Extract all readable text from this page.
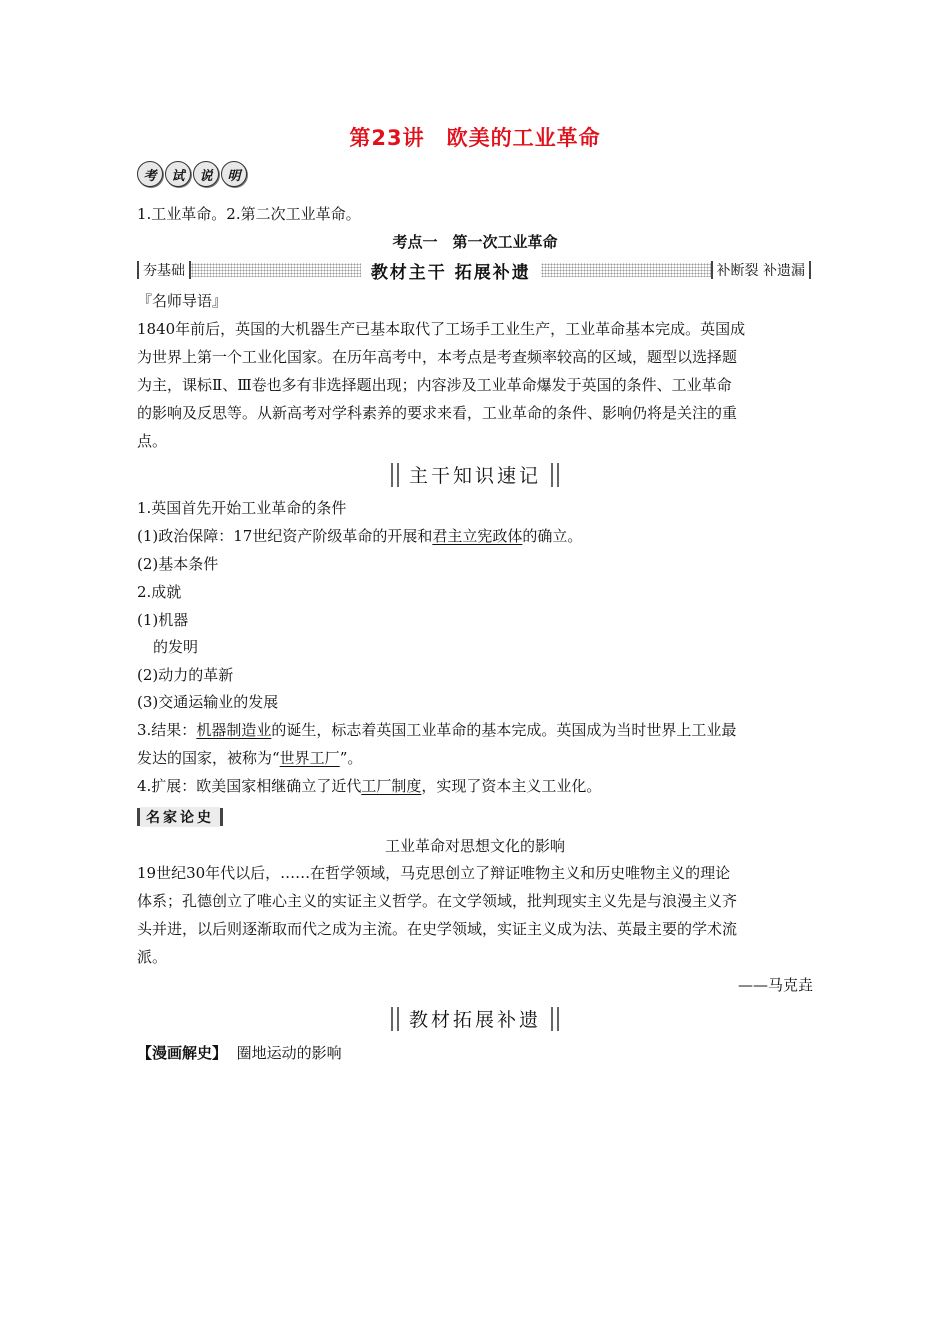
第23讲　欧美的工业革命
考	试	说	明
1.工业革命。2.第二次工业革命。
考点一　第一次工业革命
夯基础	教材主干 拓展补遗	补断裂 补遗漏
『名师导语』
1840年前后，英国的大机器生产已基本取代了工场手工业生产，工业革命基本完成。英国成
为世界上第一个工业化国家。在历年高考中，本考点是考查频率较高的区域，题型以选择题
为主，课标Ⅱ、Ⅲ卷也多有非选择题出现；内容涉及工业革命爆发于英国的条件、工业革命
的影响及反思等。从新高考对学科素养的要求来看，工业革命的条件、影响仍将是关注的重
点。
主干知识速记
1.英国首先开始工业革命的条件
(1)政治保障：17世纪资产阶级革命的开展和君主立宪政体的确立。
(2)基本条件
2.成就
(1)机器
的发明
(2)动力的革新
(3)交通运输业的发展
3.结果：机器制造业的诞生，标志着英国工业革命的基本完成。英国成为当时世界上工业最
发达的国家，被称为“世界工厂”。
4.扩展：欧美国家相继确立了近代工厂制度，实现了资本主义工业化。
名家论史
工业革命对思想文化的影响
19世纪30年代以后，……在哲学领域，马克思创立了辩证唯物主义和历史唯物主义的理论
体系；孔德创立了唯心主义的实证主义哲学。在文学领域，批判现实主义先是与浪漫主义齐
头并进，以后则逐渐取而代之成为主流。在史学领域，实证主义成为法、英最主要的学术流
派。
——马克垚
教材拓展补遗
【漫画解史】 圈地运动的影响
